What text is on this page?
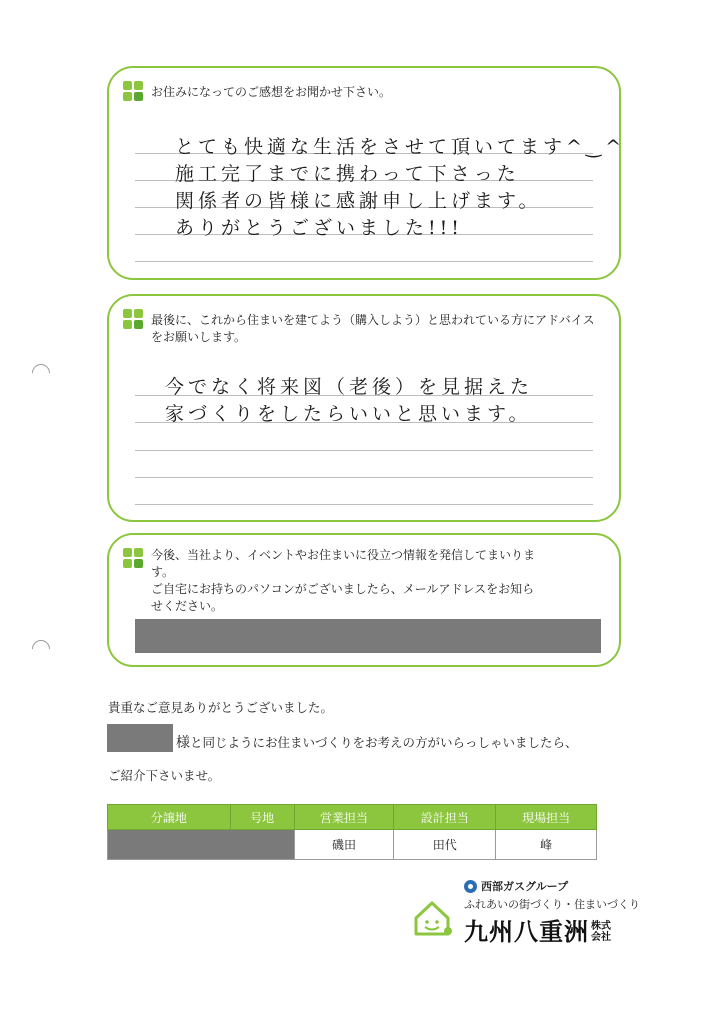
お住みになってのご感想をお聞かせ下さい。
とても快適な生活をさせて頂いてます^‿^
施工完了までに携わって下さった
関係者の皆様に感謝申し上げます。
ありがとうございました!!!
最後に、これから住まいを建てよう（購入しよう）と思われている方にアドバイスをお願いします。
今でなく将来図（老後）を見据えた
家づくりをしたらいいと思います。
今後、当社より、イベントやお住まいに役立つ情報を発信してまいりま
す。
ご自宅にお持ちのパソコンがございましたら、メールアドレスをお知ら
せください。
貴重なご意見ありがとうございました。
様と同じようにお住まいづくりをお考えの方がいらっしゃいましたら、
ご紹介下さいませ。
分譲地	号地	営業担当	設計担当	現場担当
		磯田	田代	峰
西部ガスグループ
ふれあいの街づくり・住まいづくり
九州八重洲 株式会社
